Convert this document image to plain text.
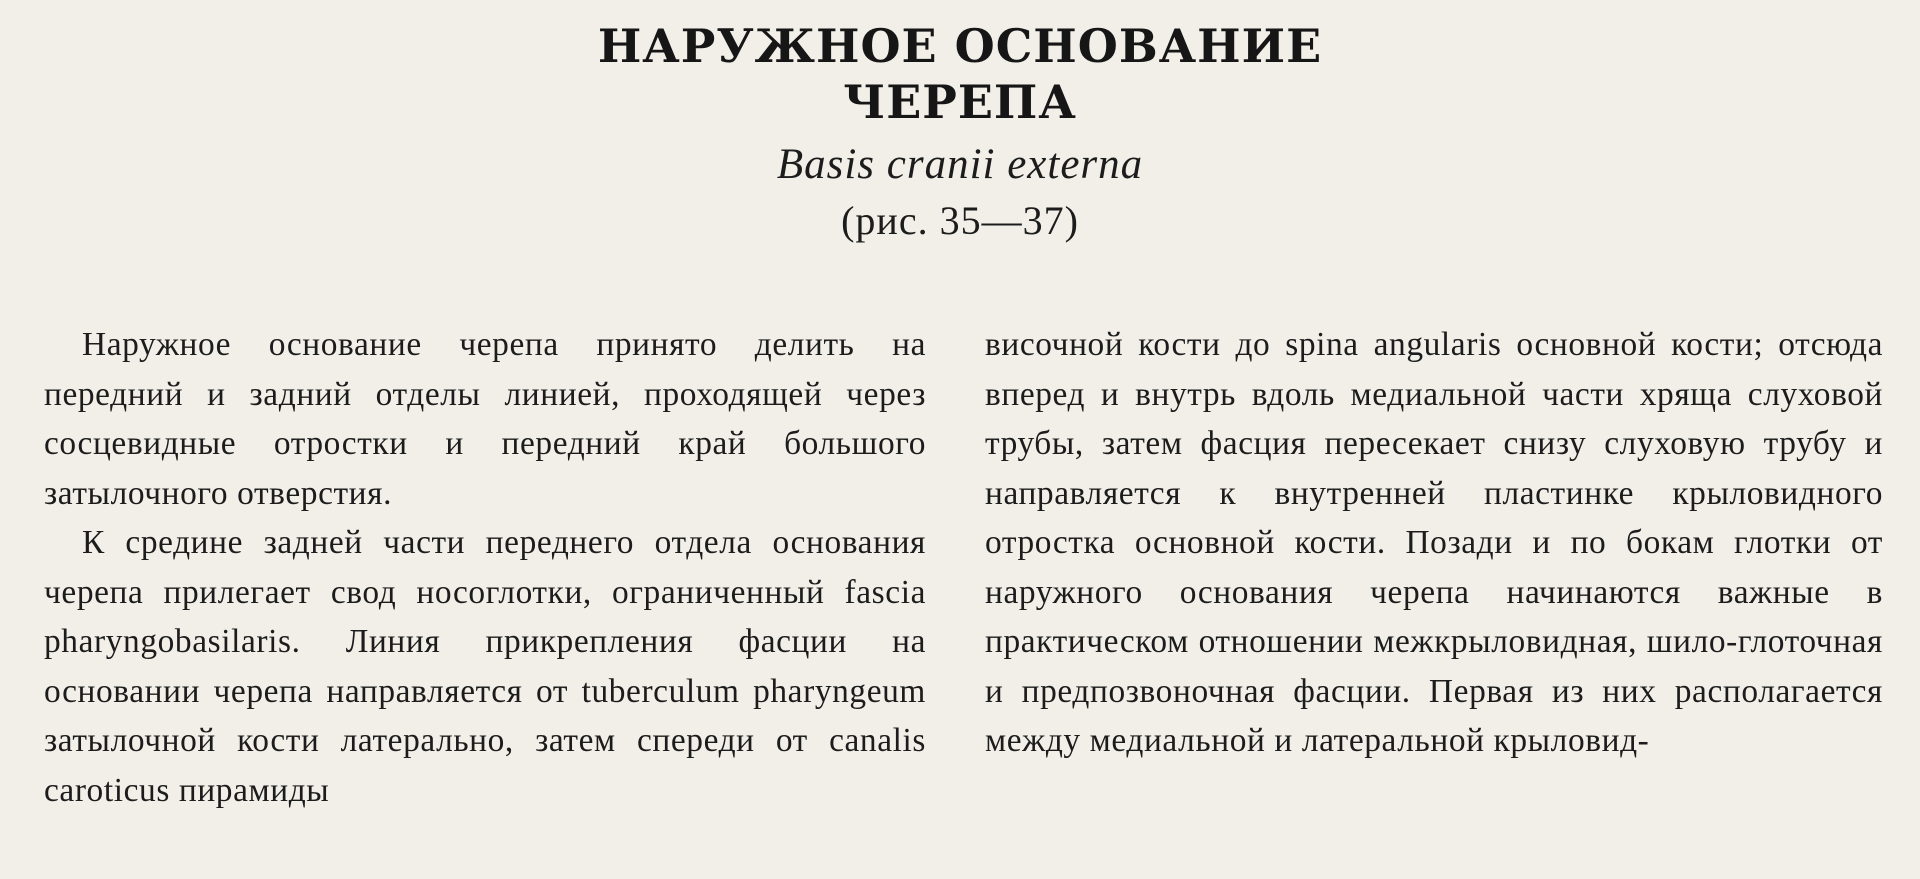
НАРУЖНОЕ ОСНОВАНИЕ
ЧЕРЕПА
Basis cranii externa
(рис. 35—37)

Наружное основание черепа принято делить на передний и задний отделы линией, проходящей через сосцевидные отростки и передний край большого затылочного отверстия.

К средине задней части переднего отдела основания черепа прилегает свод носоглотки, ограниченный fascia pharyngobasilaris. Линия прикрепления фасции на основании черепа направляется от tuberculum pharyngeum затылочной кости латерально, затем спереди от canalis caroticus пирамиды

височной кости до spina angularis основной кости; отсюда вперед и внутрь вдоль медиальной части хряща слуховой трубы, затем фасция пересекает снизу слуховую трубу и направляется к внутренней пластинке крыловидного отростка основной кости. Позади и по бокам глотки от наружного основания черепа начинаются важные в практическом отношении межкрыловидная, шило-глоточная и предпозвоночная фасции. Первая из них располагается между медиальной и латеральной крыловид-
